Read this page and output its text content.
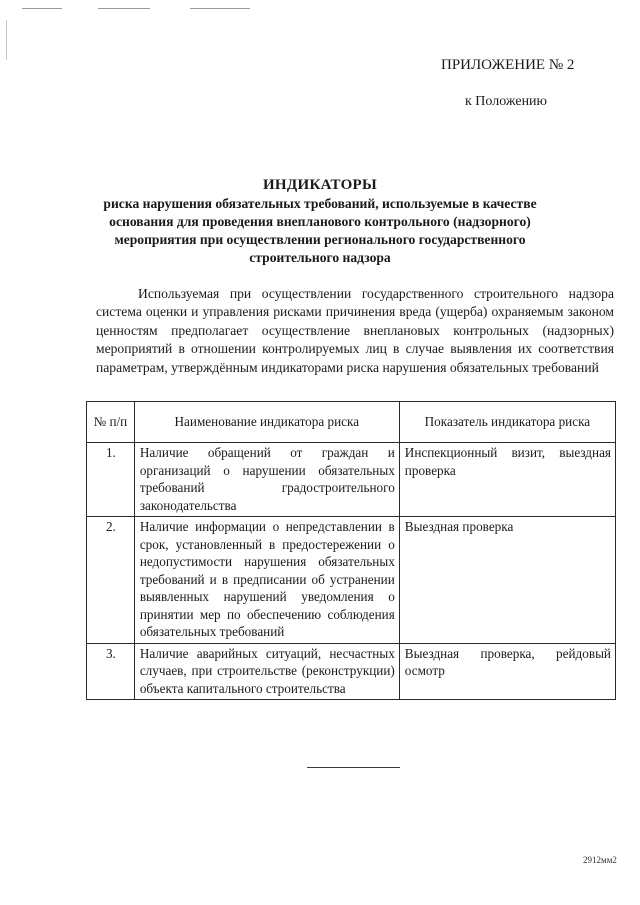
ПРИЛОЖЕНИЕ № 2
к Положению
ИНДИКАТОРЫ
риска нарушения обязательных требований, используемые в качестве основания для проведения внепланового контрольного (надзорного) мероприятия при осуществлении регионального государственного строительного надзора

Используемая при осуществлении государственного строительного надзора система оценки и управления рисками причинения вреда (ущерба) охраняемым законом ценностям предполагает осуществление внеплановых контрольных (надзорных) мероприятий в отношении контролируемых лиц в случае выявления их соответствия параметрам, утверждённым индикаторами риска нарушения обязательных требований

№ п/п	Наименование индикатора риска	Показатель индикатора риска
1.	Наличие обращений от граждан и организаций о нарушении обязательных требований градостроительного законодательства	Инспекционный визит, выездная проверка
2.	Наличие информации о непредставлении в срок, установленный в предостережении о недопустимости нарушения обязательных требований и в предписании об устранении выявленных нарушений уведомления о принятии мер по обеспечению соблюдения обязательных требований	Выездная проверка
3.	Наличие аварийных ситуаций, несчастных случаев, при строительстве (реконструкции) объекта капитального строительства	Выездная проверка, рейдовый осмотр
2912мм2
